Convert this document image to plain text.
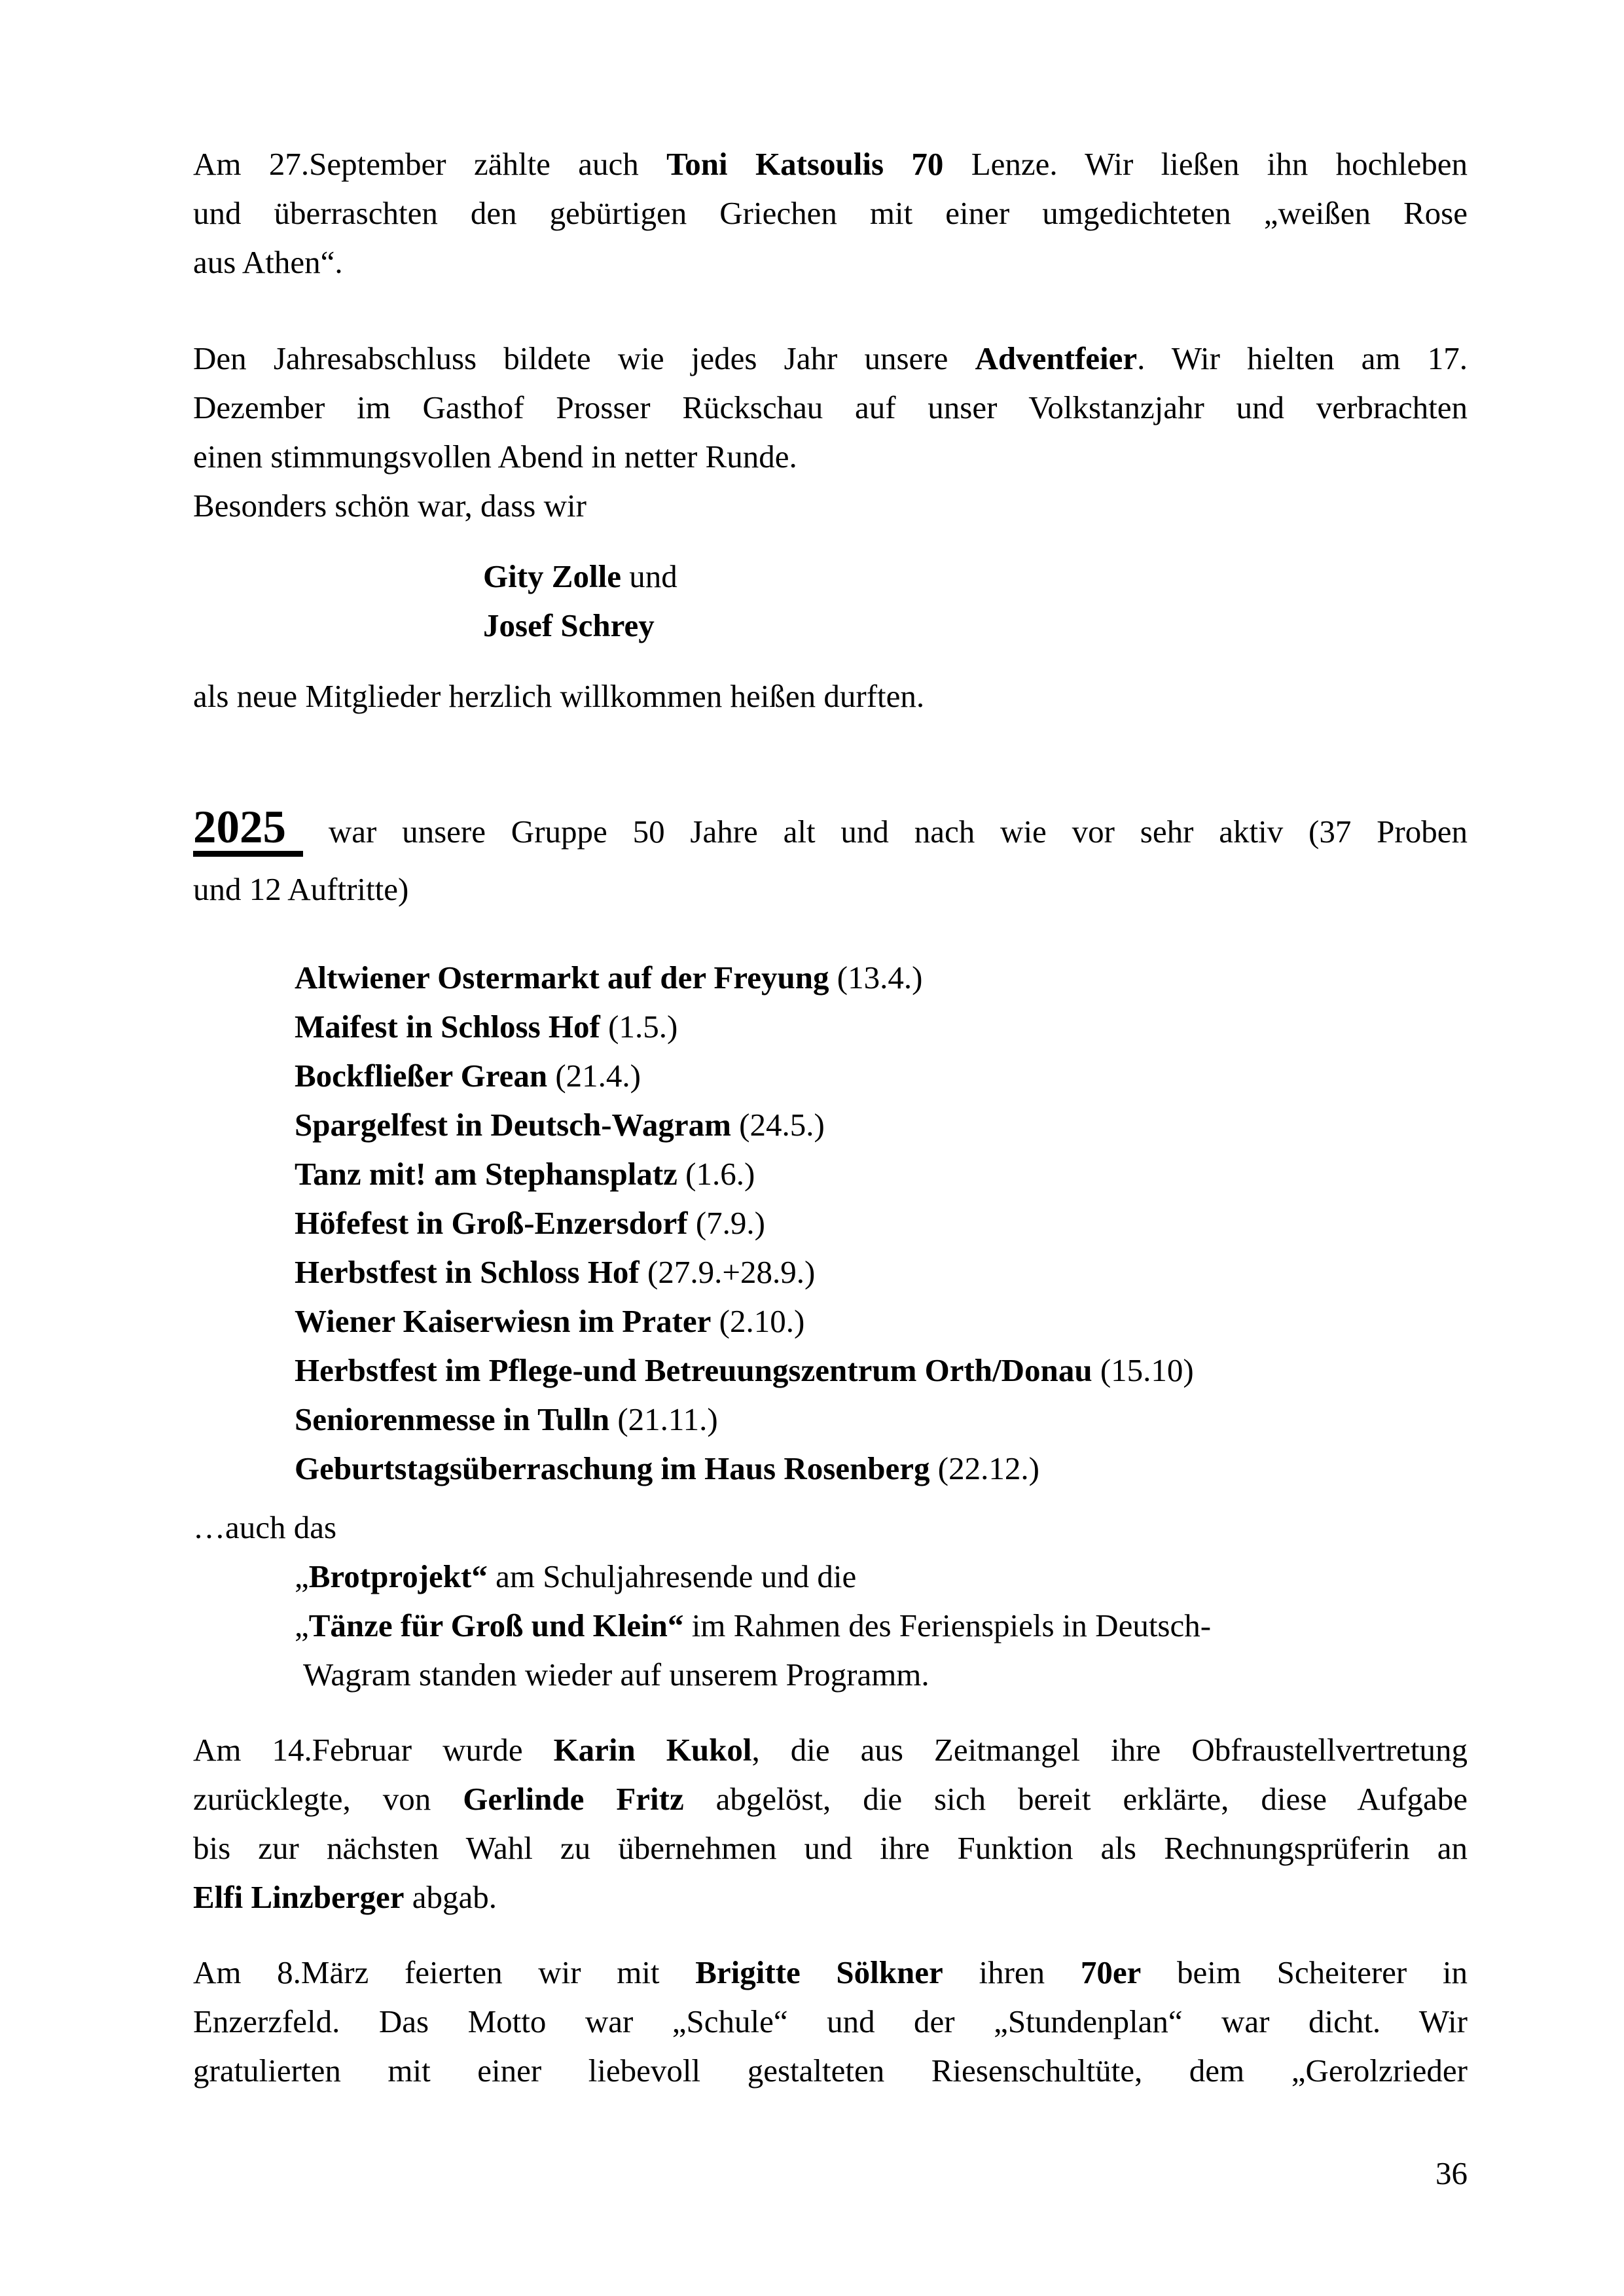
Am 27.September zählte auch Toni Katsoulis 70 Lenze. Wir ließen ihn hochleben
und überraschten den gebürtigen Griechen mit einer umgedichteten „weißen Rose
aus Athen“.
Den Jahresabschluss bildete wie jedes Jahr unsere Adventfeier. Wir hielten am 17.
Dezember im Gasthof Prosser Rückschau auf unser Volkstanzjahr und verbrachten
einen stimmungsvollen Abend in netter Runde.
Besonders schön war, dass wir
Gity Zolle und
Josef Schrey
als neue Mitglieder herzlich willkommen heißen durften.
2025 war unsere Gruppe 50 Jahre alt und nach wie vor sehr aktiv (37 Proben
und 12 Auftritte)
Altwiener Ostermarkt auf der Freyung (13.4.)
Maifest in Schloss Hof (1.5.)
Bockfließer Grean (21.4.)
Spargelfest in Deutsch-Wagram (24.5.)
Tanz mit! am Stephansplatz (1.6.)
Höfefest in Groß-Enzersdorf (7.9.)
Herbstfest in Schloss Hof (27.9.+28.9.)
Wiener Kaiserwiesn im Prater (2.10.)
Herbstfest im Pflege-und Betreuungszentrum Orth/Donau (15.10)
Seniorenmesse in Tulln (21.11.)
Geburtstagsüberraschung im Haus Rosenberg (22.12.)
…auch das
„Brotprojekt“ am Schuljahresende und die
„Tänze für Groß und Klein“ im Rahmen des Ferienspiels in Deutsch-
Wagram standen wieder auf unserem Programm.
Am 14.Februar wurde Karin Kukol, die aus Zeitmangel ihre Obfraustellvertretung
zurücklegte, von Gerlinde Fritz abgelöst, die sich bereit erklärte, diese Aufgabe
bis zur nächsten Wahl zu übernehmen und ihre Funktion als Rechnungsprüferin an
Elfi Linzberger abgab.
Am 8.März feierten wir mit Brigitte Sölkner ihren 70er beim Scheiterer in
Enzerzfeld. Das Motto war „Schule“ und der „Stundenplan“ war dicht. Wir
gratulierten mit einer liebevoll gestalteten Riesenschultüte, dem „Gerolzrieder
36
